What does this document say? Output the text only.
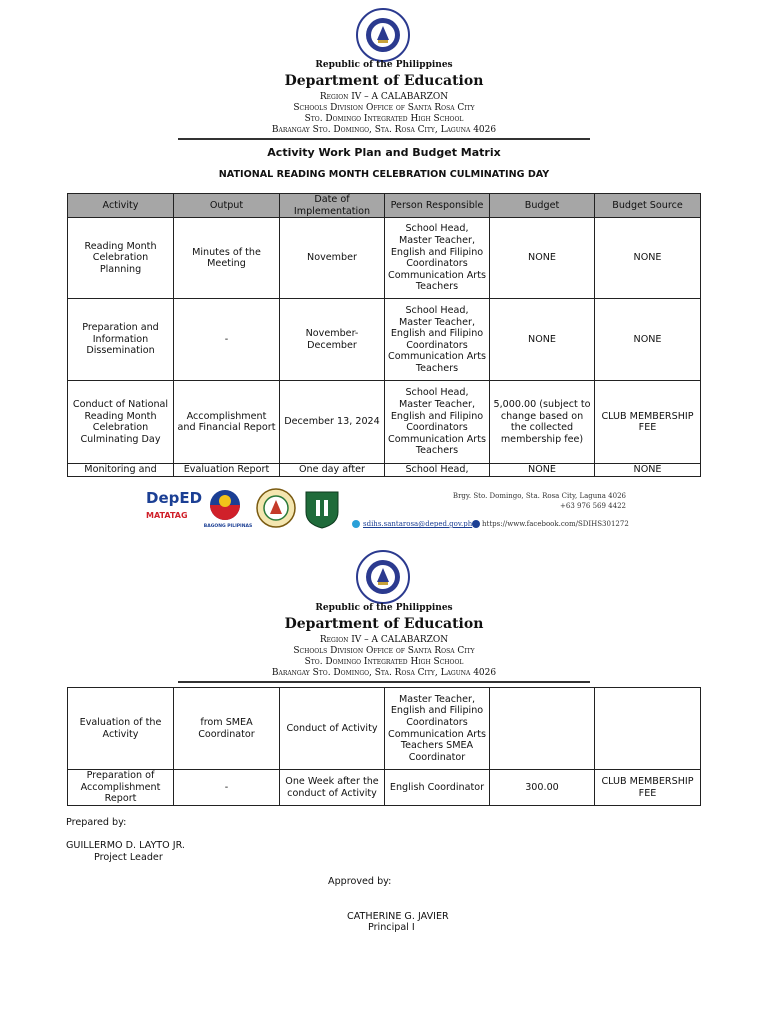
Republic of the Philippines
Department of Education
Region IV – A CALABARZON
Schools Division Office of Santa Rosa City
Sto. Domingo Integrated High School
Barangay Sto. Domingo, Sta. Rosa City, Laguna 4026
Activity Work Plan and Budget Matrix
NATIONAL READING MONTH CELEBRATION CULMINATING DAY
Activity	Output	Date of Implementation	Person Responsible	Budget	Budget Source
Reading Month Celebration Planning	Minutes of the Meeting	November	School Head, Master Teacher, English and Filipino Coordinators Communication Arts Teachers	NONE	NONE
Preparation and Information Dissemination	-	November-December	School Head, Master Teacher, English and Filipino Coordinators Communication Arts Teachers	NONE	NONE
Conduct of National Reading Month Celebration Culminating Day	Accomplishment and Financial Report	December 13, 2024	School Head, Master Teacher, English and Filipino Coordinators Communication Arts Teachers	5,000.00 (subject to change based on the collected membership fee)	CLUB MEMBERSHIP FEE
Monitoring and	Evaluation Report	One day after	School Head,	NONE	NONE
DepED
MATATAG
BAGONG PILIPINAS
Brgy. Sto. Domingo, Sta. Rosa City, Laguna 4026
+63 976 569 4422
sdihs.santarosa@deped.gov.ph https://www.facebook.com/SDIHS301272
Republic of the Philippines
Department of Education
Region IV – A CALABARZON
Schools Division Office of Santa Rosa City
Sto. Domingo Integrated High School
Barangay Sto. Domingo, Sta. Rosa City, Laguna 4026
Evaluation of the Activity	from SMEA Coordinator	Conduct of Activity	Master Teacher, English and Filipino Coordinators Communication Arts Teachers SMEA Coordinator		
Preparation of Accomplishment Report	-	One Week after the conduct of Activity	English Coordinator	300.00	CLUB MEMBERSHIP FEE
Prepared by:
GUILLERMO D. LAYTO JR.
Project Leader
Approved by:
CATHERINE G. JAVIER
Principal I
